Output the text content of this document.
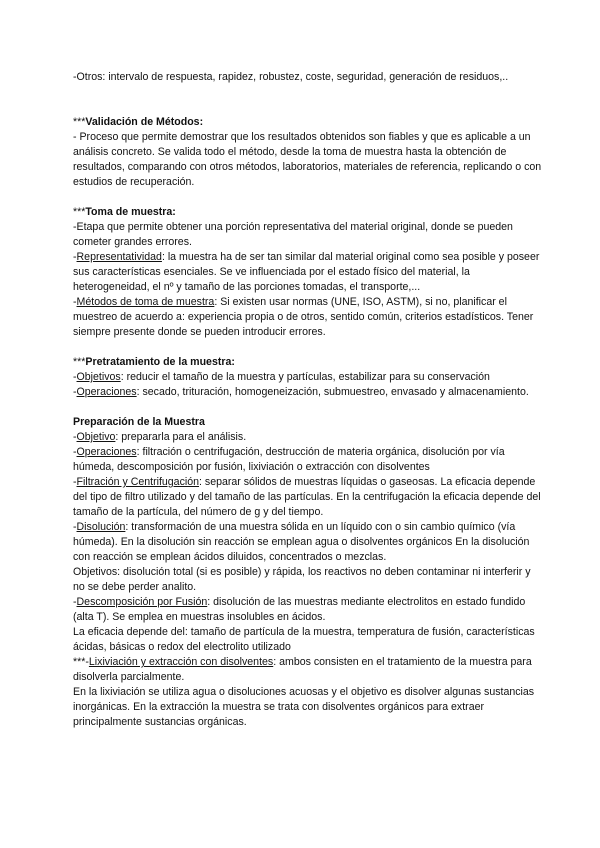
-Otros: intervalo de respuesta, rapidez, robustez, coste, seguridad, generación de residuos,..

***Validación de Métodos:

- Proceso que permite demostrar que los resultados obtenidos son fiables y que es aplicable a un análisis concreto. Se valida todo el método, desde la toma de muestra hasta la obtención de resultados, comparando con otros métodos, laboratorios, materiales de referencia, replicando o con estudios de recuperación.

***Toma de muestra:

-Etapa que permite obtener una porción representativa del material original, donde se pueden cometer grandes errores.

-Representatividad: la muestra ha de ser tan similar dal material original como sea posible y poseer sus características esenciales. Se ve influenciada por el estado físico del material, la heterogeneidad, el nº y tamaño de las porciones tomadas, el transporte,...

-Métodos de toma de muestra: Si existen usar normas (UNE, ISO, ASTM), si no, planificar el muestreo de acuerdo a: experiencia propia o de otros, sentido común, criterios estadísticos. Tener siempre presente donde se pueden introducir errores.

***Pretratamiento de la muestra:

-Objetivos: reducir el tamaño de la muestra y partículas, estabilizar para su conservación

-Operaciones: secado, trituración, homogeneización, submuestreo, envasado y almacenamiento.

Preparación de la Muestra

-Objetivo: prepararla para el análisis.

-Operaciones: filtración o centrifugación, destrucción de materia orgánica, disolución por vía húmeda, descomposición por fusión, lixiviación o extracción con disolventes

-Filtración y Centrifugación: separar sólidos de muestras líquidas o gaseosas. La eficacia depende del tipo de filtro utilizado y del tamaño de las partículas. En la centrifugación la eficacia depende del tamaño de la partícula, del número de g y del tiempo.

-Disolución: transformación de una muestra sólida en un líquido con o sin cambio químico (vía húmeda). En la disolución sin reacción se emplean agua o disolventes orgánicos En la disolución con reacción se emplean ácidos diluidos, concentrados o mezclas.

Objetivos: disolución total (si es posible) y rápida, los reactivos no deben contaminar ni interferir y no se debe perder analito.

-Descomposición por Fusión: disolución de las muestras mediante electrolitos en estado fundido (alta T). Se emplea en muestras insolubles en ácidos.

La eficacia depende del: tamaño de partícula de la muestra, temperatura de fusión, características ácidas, básicas o redox del electrolito utilizado

***-Lixiviación y extracción con disolventes: ambos consisten en el tratamiento de la muestra para disolverla parcialmente.

En la lixiviación se utiliza agua o disoluciones acuosas y el objetivo es disolver algunas sustancias inorgánicas. En la extracción la muestra se trata con disolventes orgánicos para extraer principalmente sustancias orgánicas.
